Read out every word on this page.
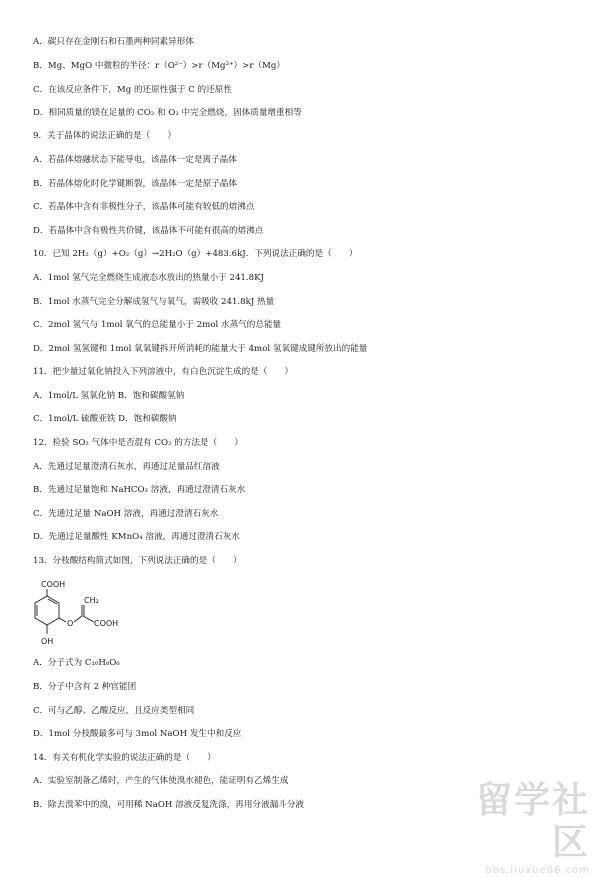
A．碳只存在金刚石和石墨两种同素异形体
B．Mg、MgO 中微粒的半径：r（O²⁻）>r（Mg²⁺）>r（Mg）
C．在该反应条件下，Mg 的还原性强于 C 的还原性
D．相同质量的镁在足量的 CO₂ 和 O₂ 中完全燃烧，固体质量增重相等
9．关于晶体的说法正确的是（　　）
A．若晶体熔融状态下能导电，该晶体一定是离子晶体
B．若晶体熔化时化学键断裂，该晶体一定是原子晶体
C．若晶体中含有非极性分子，该晶体可能有较低的熔沸点
D．若晶体中含有极性共价键，该晶体不可能有很高的熔沸点
10．已知 2H₂（g）+O₂（g）→2H₂O（g）+483.6kJ．下列说法正确的是（　　）
A．1mol 氢气完全燃烧生成液态水放出的热量小于 241.8KJ
B．1mol 水蒸气完全分解成氢气与氧气，需吸收 241.8kJ 热量
C．2mol 氢气与 1mol 氧气的总能量小于 2mol 水蒸气的总能量
D．2mol 氢氢键和 1mol 氧氧键拆开所消耗的能量大于 4mol 氢氧键成键所放出的能量
11．把少量过氧化钠投入下列溶液中，有白色沉淀生成的是（　　）
A．1mol/L 氢氧化钠 B．饱和碳酸氢钠
C．1mol/L 硫酸亚铁 D．饱和碳酸钠
12．检验 SO₂ 气体中是否混有 CO₂ 的方法是（　　）
A．先通过足量澄清石灰水，再通过足量品红溶液
B．先通过足量饱和 NaHCO₃ 溶液，再通过澄清石灰水
C．先通过足量 NaOH 溶液，再通过澄清石灰水
D．先通过足量酸性 KMnO₄ 溶液，再通过澄清石灰水
13．分枝酸结构简式如图，下列说法正确的是（　　）
COOH
O
CH₂
COOH
OH
A．分子式为 C₁₀H₈O₆
B．分子中含有 2 种官能团
C．可与乙醇、乙酸反应，且反应类型相同
D．1mol 分枝酸最多可与 3mol NaOH 发生中和反应
14．有关有机化学实验的说法正确的是（　　）
A．实验室制备乙烯时，产生的气体使溴水褪色，能证明有乙烯生成
B．除去溴苯中的溴，可用稀 NaOH 溶液反复洗涤，再用分液漏斗分液	留学社区
bbs.liuxue86.com
